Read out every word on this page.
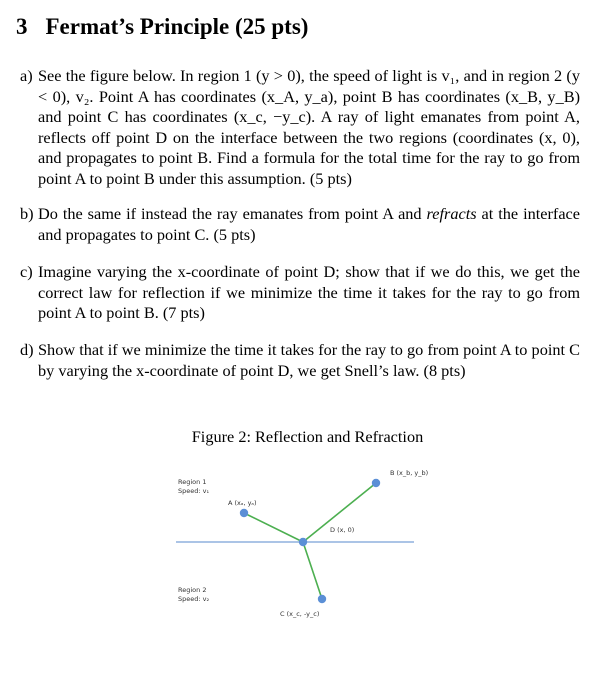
3 Fermat’s Principle (25 pts)
a) See the figure below. In region 1 (y > 0), the speed of light is v₁, and in region 2 (y < 0), v₂. Point A has coordinates (x_A, y_a), point B has coordinates (x_B, y_B) and point C has coordinates (x_c, −y_c). A ray of light emanates from point A, reflects off point D on the interface between the two regions (coordinates (x, 0), and propagates to point B. Find a formula for the total time for the ray to go from point A to point B under this assumption. (5 pts)
b) Do the same if instead the ray emanates from point A and refracts at the interface and propagates to point C. (5 pts)
c) Imagine varying the x-coordinate of point D; show that if we do this, we get the correct law for reflection if we minimize the time it takes for the ray to go from point A to point B. (7 pts)
d) Show that if we minimize the time it takes for the ray to go from point A to point C by varying the x-coordinate of point D, we get Snell’s law. (8 pts)
Figure 2: Reflection and Refraction
Region 1
Speed: v₁
Region 2
Speed: v₂
A (xₐ, yₐ)
B (x_b, y_b)
D (x, 0)
C (x_c, -y_c)
